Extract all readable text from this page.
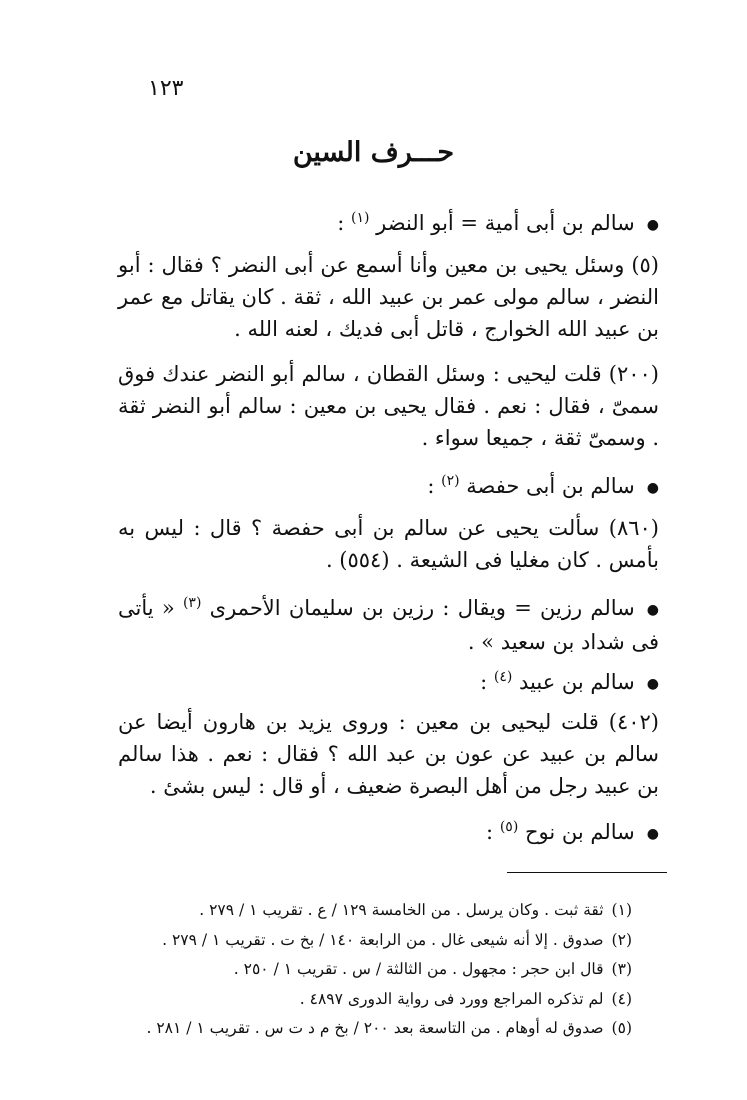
١٢٣
حـــرف السين
●سالم بن أبى أمية = أبو النضر $^{(١)}$ :
(٥) وسئل يحيى بن معين وأنا أسمع عن أبى النضر ؟ فقال : أبو النضر ، سالم مولى عمر بن عبيد الله ، ثقة . كان يقاتل مع عمر بن عبيد الله الخوارج ، قاتل أبى فديك ، لعنه الله .
(٢٠٠) قلت ليحيى : وسئل القطان ، سالم أبو النضر عندك فوق سمىّ ، فقال : نعم . فقال يحيى بن معين : سالم أبو النضر ثقة . وسمىّ ثقة ، جميعا سواء .
●سالم بن أبى حفصة $^{(٢)}$ :
(٨٦٠) سألت يحيى عن سالم بن أبى حفصة ؟ قال : ليس به بأمس . كان مغليا فى الشيعة . (٥٥٤) .
●سالم رزين = ويقال : رزين بن سليمان الأحمرى $^{(٣)}$ « يأتى فى شداد بن سعيد » .
●سالم بن عبيد $^{(٤)}$ :
(٤٠٢) قلت ليحيى بن معين : وروى يزيد بن هارون أيضا عن سالم بن عبيد عن عون بن عبد الله ؟ فقال : نعم . هذا سالم بن عبيد رجل من أهل البصرة ضعيف ، أو قال : ليس بشئ .
●سالم بن نوح $^{(٥)}$ :
(١)ثقة ثبت . وكان يرسل . من الخامسة ١٢٩ / ع . تقريب ١ / ٢٧٩ .
(٢)صدوق . إلا أنه شيعى غال . من الرابعة ١٤٠ / بخ ت . تقريب ١ / ٢٧٩ .
(٣)قال ابن حجر : مجهول . من الثالثة / س . تقريب ١ / ٢٥٠ .
(٤)لم تذكره المراجع وورد فى رواية الدورى ٤٨٩٧ .
(٥)صدوق له أوهام . من التاسعة بعد ٢٠٠ / بخ م د ت س . تقريب ١ / ٢٨١ .
